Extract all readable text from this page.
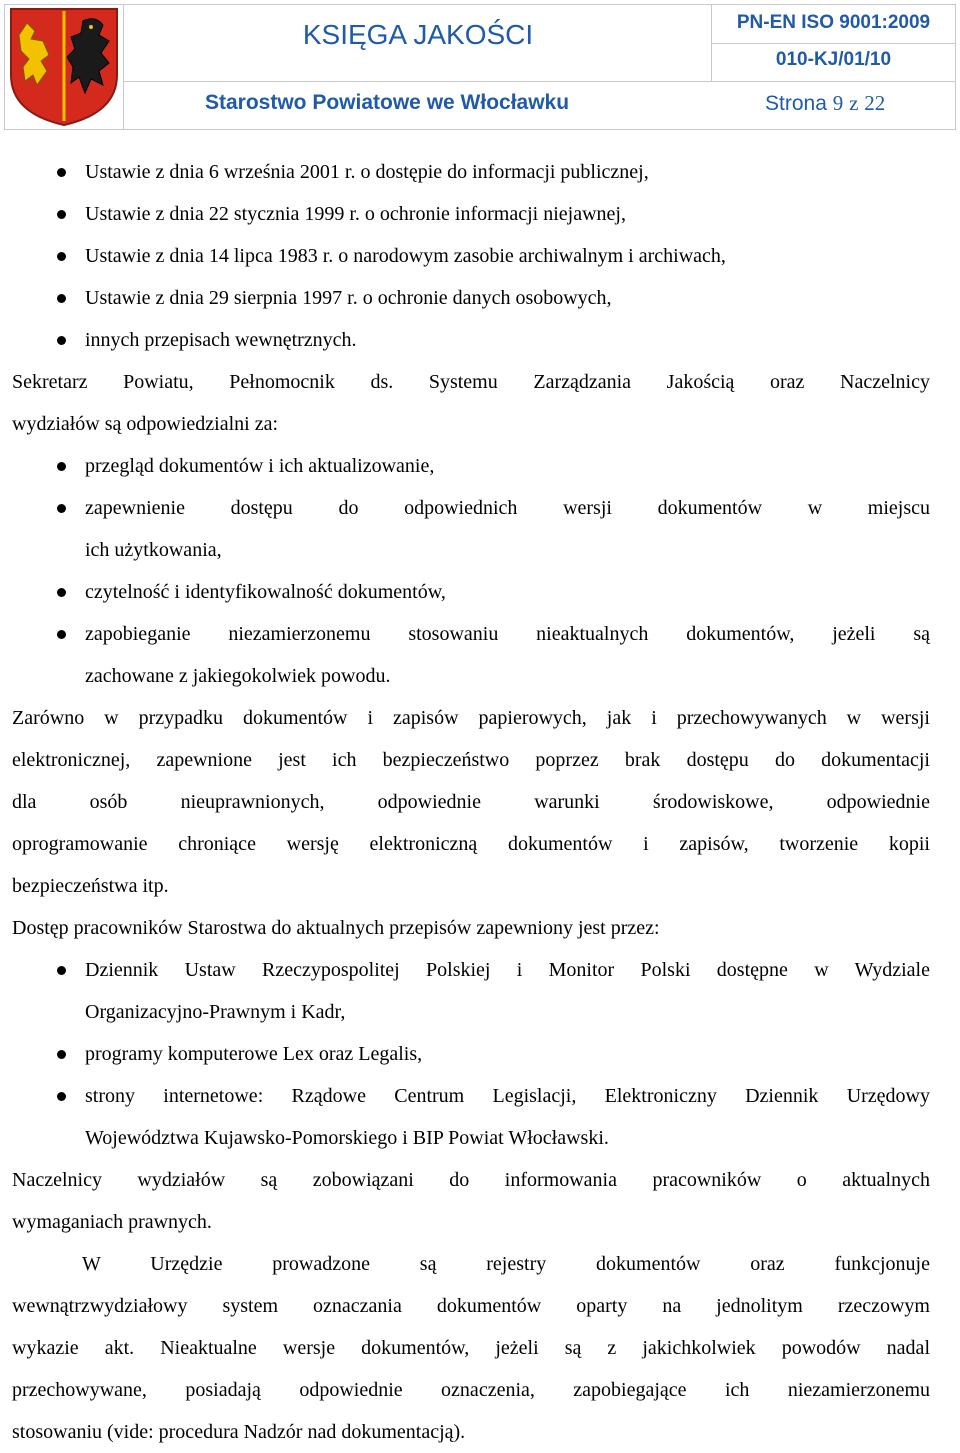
KSIĘGA JAKOŚCI	PN-EN ISO 9001:2009
010-KJ/01/10
Starostwo Powiatowe we Włocławku	Strona 9 z 22
Ustawie z dnia 6 września 2001 r. o dostępie do informacji publicznej,
Ustawie z dnia 22 stycznia 1999 r. o ochronie informacji niejawnej,
Ustawie z dnia 14 lipca 1983 r. o narodowym zasobie archiwalnym i archiwach,
Ustawie z dnia 29 sierpnia 1997 r. o ochronie danych osobowych,
innych przepisach wewnętrznych.
Sekretarz Powiatu, Pełnomocnik ds. Systemu Zarządzania Jakością oraz Naczelnicy
wydziałów są odpowiedzialni za:
przegląd dokumentów i ich aktualizowanie,
zapewnienie dostępu do odpowiednich wersji dokumentów w miejscu
ich użytkowania,
czytelność i identyfikowalność dokumentów,
zapobieganie niezamierzonemu stosowaniu nieaktualnych dokumentów, jeżeli są
zachowane z jakiegokolwiek powodu.
Zarówno w przypadku dokumentów i zapisów papierowych, jak i przechowywanych w wersji
elektronicznej, zapewnione jest ich bezpieczeństwo poprzez brak dostępu do dokumentacji
dla osób nieuprawnionych, odpowiednie warunki środowiskowe, odpowiednie
oprogramowanie chroniące wersję elektroniczną dokumentów i zapisów, tworzenie kopii
bezpieczeństwa itp.
Dostęp pracowników Starostwa do aktualnych przepisów zapewniony jest przez:
Dziennik Ustaw Rzeczypospolitej Polskiej i Monitor Polski dostępne w Wydziale
Organizacyjno-Prawnym i Kadr,
programy komputerowe Lex oraz Legalis,
strony internetowe: Rządowe Centrum Legislacji, Elektroniczny Dziennik Urzędowy
Województwa Kujawsko-Pomorskiego i BIP Powiat Włocławski.
Naczelnicy wydziałów są zobowiązani do informowania pracowników o aktualnych
wymaganiach prawnych.
W Urzędzie prowadzone są rejestry dokumentów oraz funkcjonuje
wewnątrzwydziałowy system oznaczania dokumentów oparty na jednolitym rzeczowym
wykazie akt. Nieaktualne wersje dokumentów, jeżeli są z jakichkolwiek powodów nadal
przechowywane, posiadają odpowiednie oznaczenia, zapobiegające ich niezamierzonemu
stosowaniu (vide: procedura Nadzór nad dokumentacją).
